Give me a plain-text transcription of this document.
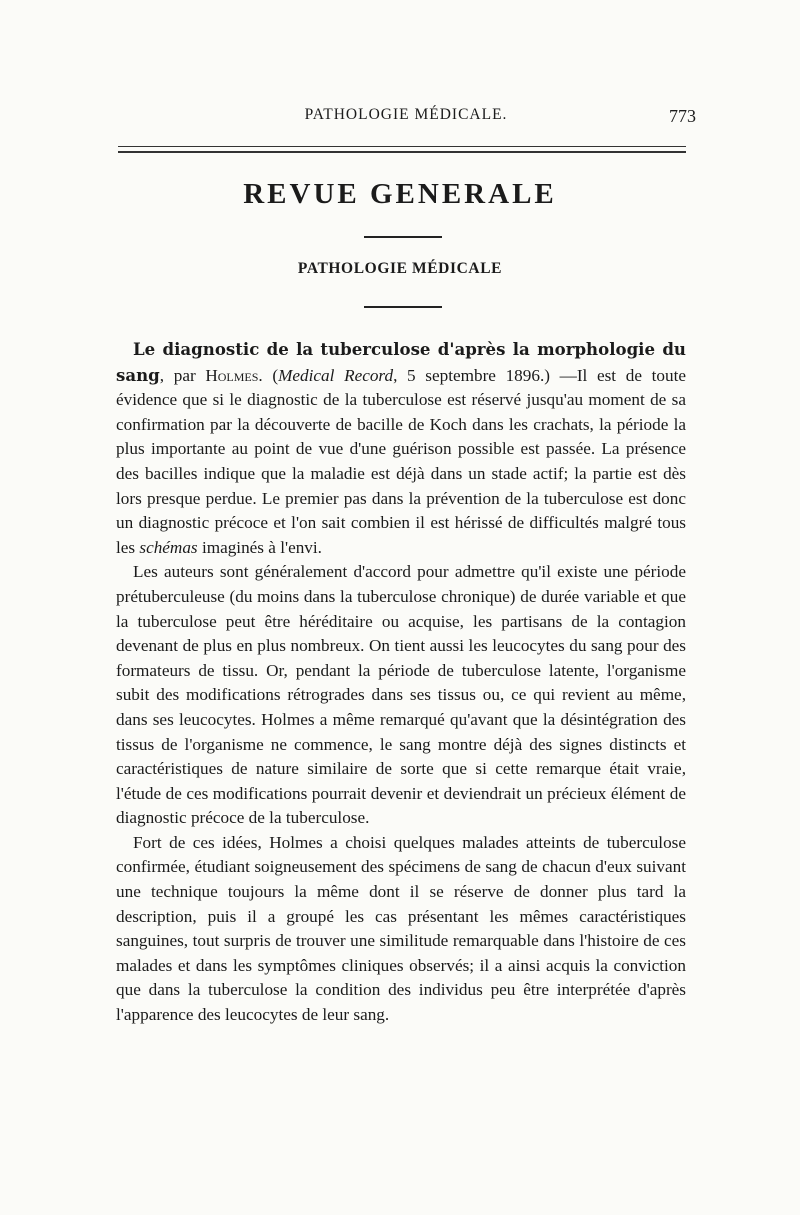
PATHOLOGIE MÉDICALE.	773
REVUE GENERALE
PATHOLOGIE MÉDICALE

Le diagnostic de la tuberculose d'après la morphologie du sang, par Holmes. (Medical Record, 5 septembre 1896.) —Il est de toute évidence que si le diagnostic de la tuberculose est réservé jusqu'au moment de sa confirmation par la découverte de bacille de Koch dans les crachats, la période la plus importante au point de vue d'une guérison possible est passée. La présence des bacilles indique que la maladie est déjà dans un stade actif; la partie est dès lors presque perdue. Le premier pas dans la prévention de la tuberculose est donc un diagnostic précoce et l'on sait combien il est hérissé de difficultés malgré tous les schémas imaginés à l'envi.

Les auteurs sont généralement d'accord pour admettre qu'il existe une période prétuberculeuse (du moins dans la tuberculose chronique) de durée variable et que la tuberculose peut être héréditaire ou acquise, les partisans de la contagion devenant de plus en plus nombreux. On tient aussi les leucocytes du sang pour des formateurs de tissu. Or, pendant la période de tuberculose latente, l'organisme subit des modifications rétrogrades dans ses tissus ou, ce qui revient au même, dans ses leucocytes. Holmes a même remarqué qu'avant que la désintégration des tissus de l'organisme ne commence, le sang montre déjà des signes distincts et caractéristiques de nature similaire de sorte que si cette remarque était vraie, l'étude de ces modifications pourrait devenir et deviendrait un précieux élément de diagnostic précoce de la tuberculose.

Fort de ces idées, Holmes a choisi quelques malades atteints de tuberculose confirmée, étudiant soigneusement des spécimens de sang de chacun d'eux suivant une technique toujours la même dont il se réserve de donner plus tard la description, puis il a groupé les cas présentant les mêmes caractéristiques sanguines, tout surpris de trouver une similitude remarquable dans l'histoire de ces malades et dans les symptômes cliniques observés; il a ainsi acquis la conviction que dans la tuberculose la condition des individus peu être interprétée d'après l'apparence des leucocytes de leur sang.
